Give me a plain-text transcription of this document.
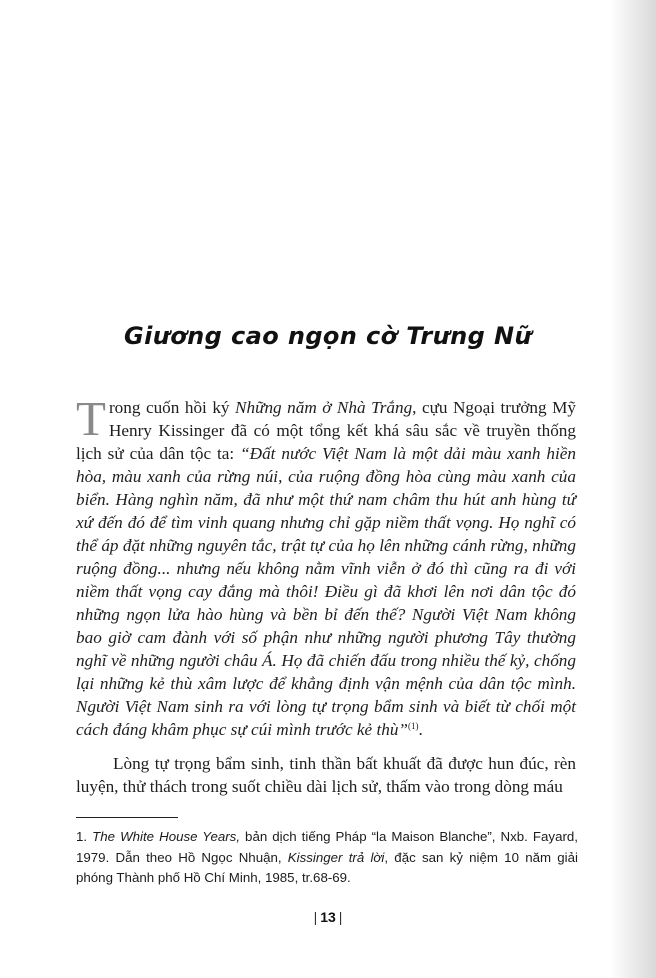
Giương cao ngọn cờ Trưng Nữ

Trong cuốn hồi ký Những năm ở Nhà Trắng, cựu Ngoại trưởng Mỹ Henry Kissinger đã có một tổng kết khá sâu sắc về truyền thống lịch sử của dân tộc ta: “Đất nước Việt Nam là một dải màu xanh hiền hòa, màu xanh của rừng núi, của ruộng đồng hòa cùng màu xanh của biển. Hàng nghìn năm, đã như một thứ nam châm thu hút anh hùng tứ xứ đến đó để tìm vinh quang nhưng chỉ gặp niềm thất vọng. Họ nghĩ có thể áp đặt những nguyên tắc, trật tự của họ lên những cánh rừng, những ruộng đồng... nhưng nếu không nằm vĩnh viễn ở đó thì cũng ra đi với niềm thất vọng cay đắng mà thôi! Điều gì đã khơi lên nơi dân tộc đó những ngọn lửa hào hùng và bền bỉ đến thế? Người Việt Nam không bao giờ cam đành với số phận như những người phương Tây thường nghĩ về những người châu Á. Họ đã chiến đấu trong nhiều thế kỷ, chống lại những kẻ thù xâm lược để khẳng định vận mệnh của dân tộc mình. Người Việt Nam sinh ra với lòng tự trọng bẩm sinh và biết từ chối một cách đáng khâm phục sự cúi mình trước kẻ thù”$^{(1)}$.

Lòng tự trọng bẩm sinh, tinh thần bất khuất đã được hun đúc, rèn luyện, thử thách trong suốt chiều dài lịch sử, thấm vào trong dòng máu

1. The White House Years, bản dịch tiếng Pháp “la Maison Blanche”, Nxb. Fayard, 1979. Dẫn theo Hồ Ngọc Nhuận, Kissinger trả lời, đặc san kỷ niệm 10 năm giải phóng Thành phố Hồ Chí Minh, 1985, tr.68-69.
| 13 |
